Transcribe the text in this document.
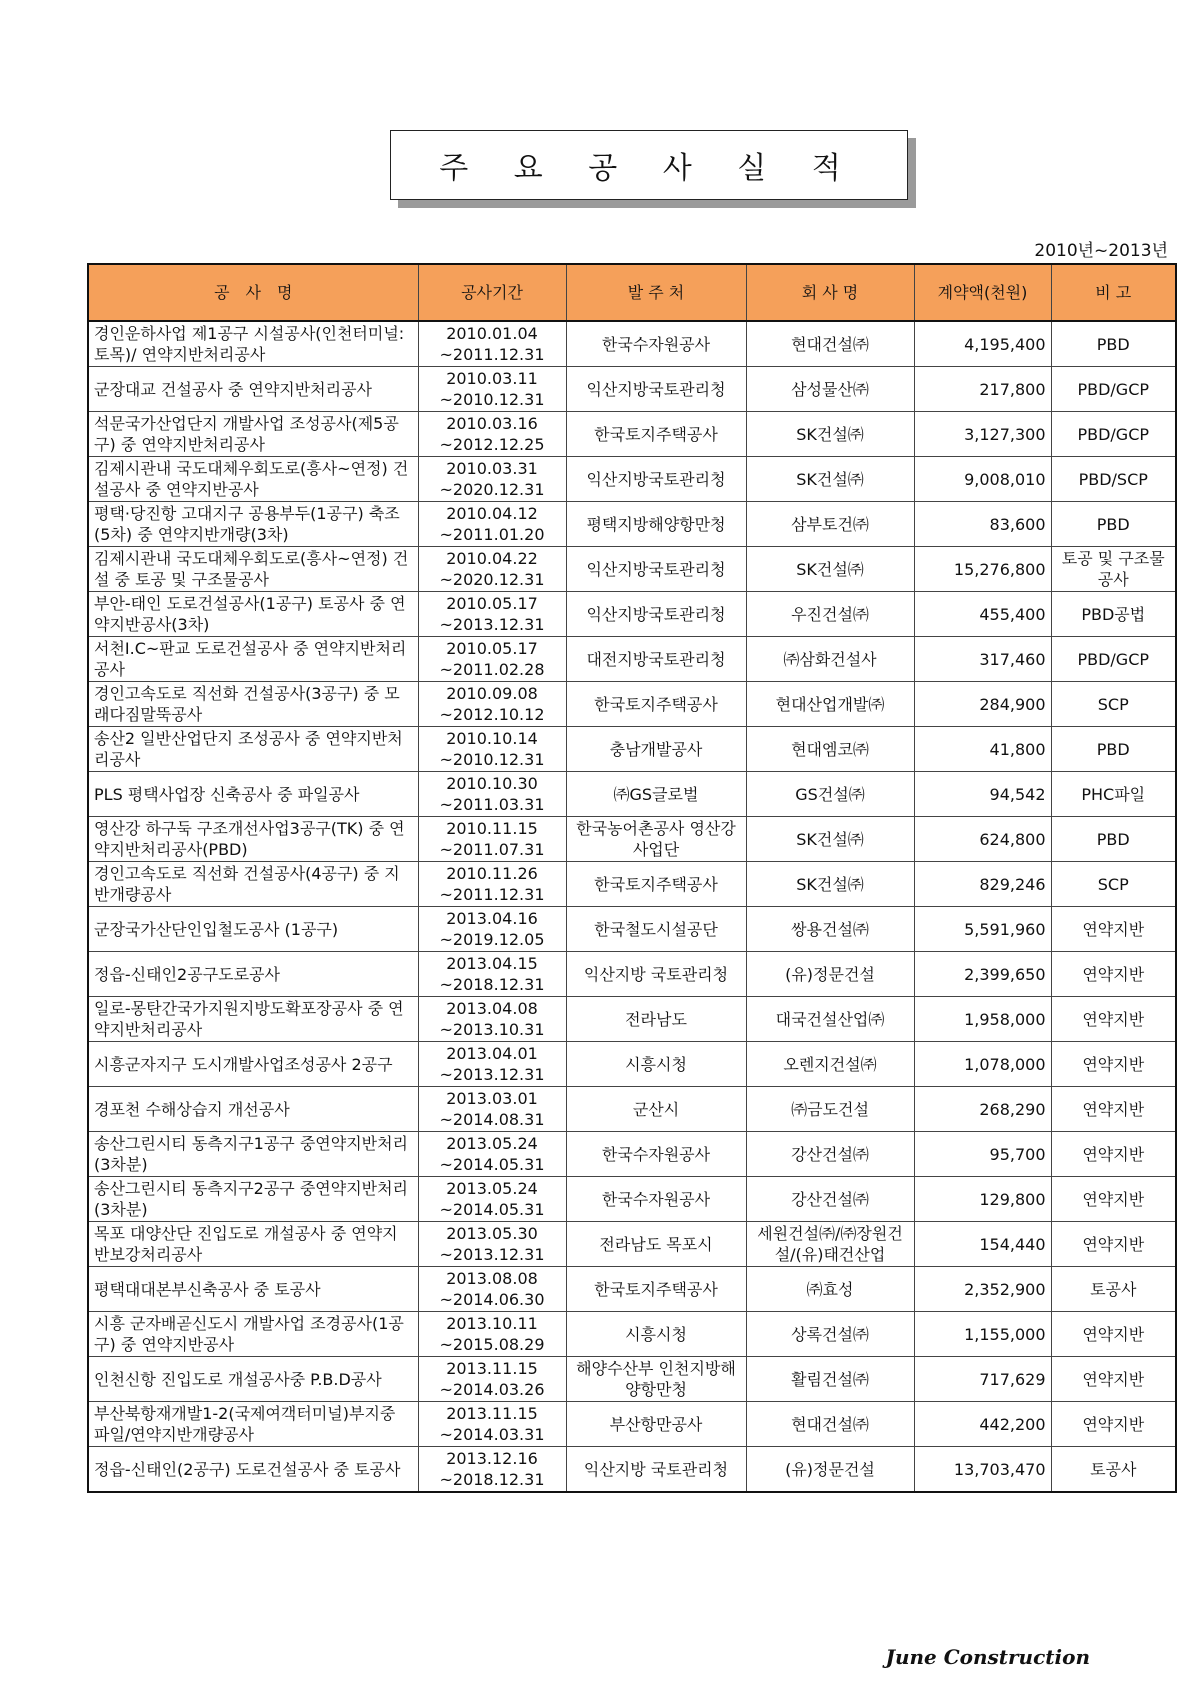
주 요 공 사 실 적
2010년~2013년
공　사　명	공사기간	발 주 처	회 사 명	계약액(천원)	비 고
경인운하사업 제1공구 시설공사(인천터미널:토목)/ 연약지반처리공사	2010.01.04
~2011.12.31	한국수자원공사	현대건설㈜	4,195,400	PBD
군장대교 건설공사 중 연약지반처리공사	2010.03.11
~2010.12.31	익산지방국토관리청	삼성물산㈜	217,800	PBD/GCP
석문국가산업단지 개발사업 조성공사(제5공구) 중 연약지반처리공사	2010.03.16
~2012.12.25	한국토지주택공사	SK건설㈜	3,127,300	PBD/GCP
김제시관내 국도대체우회도로(흥사~연정) 건설공사 중 연약지반공사	2010.03.31
~2020.12.31	익산지방국토관리청	SK건설㈜	9,008,010	PBD/SCP
평택·당진항 고대지구 공용부두(1공구) 축조(5차) 중 연약지반개량(3차)	2010.04.12
~2011.01.20	평택지방해양항만청	삼부토건㈜	83,600	PBD
김제시관내 국도대체우회도로(흥사~연정) 건설 중 토공 및 구조물공사	2010.04.22
~2020.12.31	익산지방국토관리청	SK건설㈜	15,276,800	토공 및 구조물공사
부안-태인 도로건설공사(1공구) 토공사 중 연약지반공사(3차)	2010.05.17
~2013.12.31	익산지방국토관리청	우진건설㈜	455,400	PBD공법
서천I.C~판교 도로건설공사 중 연약지반처리공사	2010.05.17
~2011.02.28	대전지방국토관리청	㈜삼화건설사	317,460	PBD/GCP
경인고속도로 직선화 건설공사(3공구) 중 모래다짐말뚝공사	2010.09.08
~2012.10.12	한국토지주택공사	현대산업개발㈜	284,900	SCP
송산2 일반산업단지 조성공사 중 연약지반처리공사	2010.10.14
~2010.12.31	충남개발공사	현대엠코㈜	41,800	PBD
PLS 평택사업장 신축공사 중 파일공사	2010.10.30
~2011.03.31	㈜GS글로벌	GS건설㈜	94,542	PHC파일
영산강 하구둑 구조개선사업3공구(TK) 중 연약지반처리공사(PBD)	2010.11.15
~2011.07.31	한국농어촌공사 영산강 사업단	SK건설㈜	624,800	PBD
경인고속도로 직선화 건설공사(4공구) 중 지반개량공사	2010.11.26
~2011.12.31	한국토지주택공사	SK건설㈜	829,246	SCP
군장국가산단인입철도공사 (1공구)	2013.04.16
~2019.12.05	한국철도시설공단	쌍용건설㈜	5,591,960	연약지반
정읍-신태인2공구도로공사	2013.04.15
~2018.12.31	익산지방 국토관리청	(유)정문건설	2,399,650	연약지반
일로-몽탄간국가지원지방도확포장공사 중 연약지반처리공사	2013.04.08
~2013.10.31	전라남도	대국건설산업㈜	1,958,000	연약지반
시흥군자지구 도시개발사업조성공사 2공구	2013.04.01
~2013.12.31	시흥시청	오렌지건설㈜	1,078,000	연약지반
경포천 수해상습지 개선공사	2013.03.01
~2014.08.31	군산시	㈜금도건설	268,290	연약지반
송산그린시티 동측지구1공구 중연약지반처리(3차분)	2013.05.24
~2014.05.31	한국수자원공사	강산건설㈜	95,700	연약지반
송산그린시티 동측지구2공구 중연약지반처리(3차분)	2013.05.24
~2014.05.31	한국수자원공사	강산건설㈜	129,800	연약지반
목포 대양산단 진입도로 개설공사 중 연약지반보강처리공사	2013.05.30
~2013.12.31	전라남도 목포시	세원건설㈜/㈜장원건설/(유)태건산업	154,440	연약지반
평택대대본부신축공사 중 토공사	2013.08.08
~2014.06.30	한국토지주택공사	㈜효성	2,352,900	토공사
시흥 군자배곧신도시 개발사업 조경공사(1공구) 중 연약지반공사	2013.10.11
~2015.08.29	시흥시청	상록건설㈜	1,155,000	연약지반
인천신항 진입도로 개설공사중 P.B.D공사	2013.11.15
~2014.03.26	해양수산부 인천지방해양항만청	활림건설㈜	717,629	연약지반
부산북항재개발1-2(국제여객터미널)부지중 파일/연약지반개량공사	2013.11.15
~2014.03.31	부산항만공사	현대건설㈜	442,200	연약지반
정읍-신태인(2공구) 도로건설공사 중 토공사	2013.12.16
~2018.12.31	익산지방 국토관리청	(유)정문건설	13,703,470	토공사
June Construction
